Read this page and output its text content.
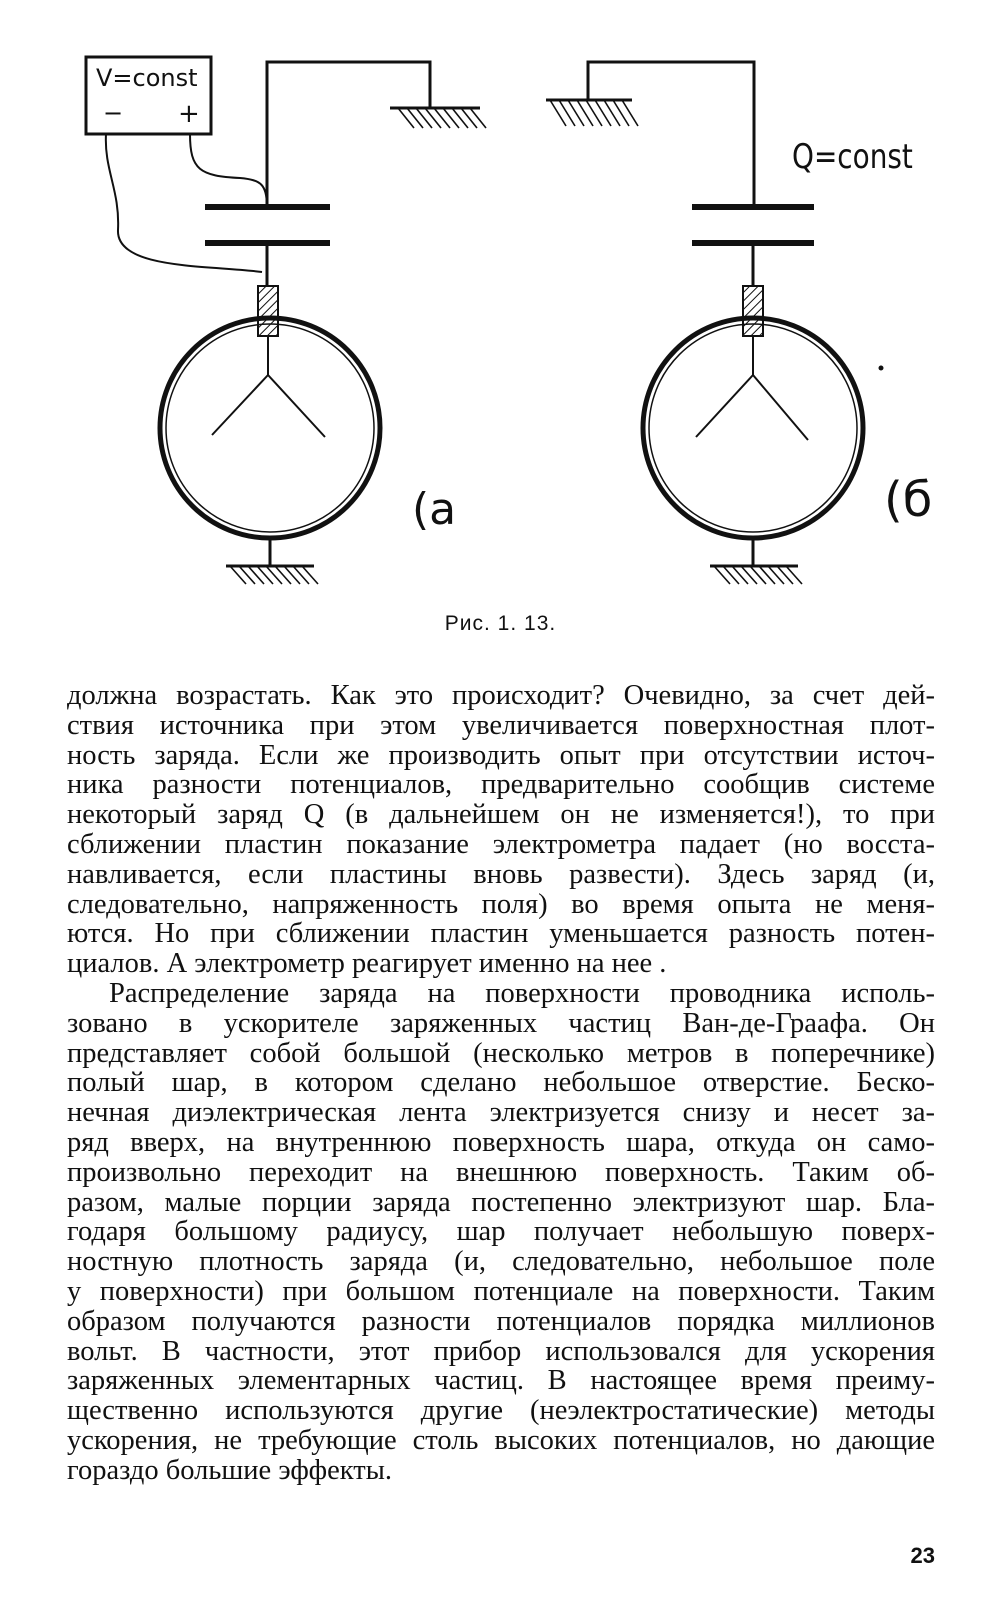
V=const
− +
Q=const
(a	(б
Рис. 1. 13.
должна возрастать. Как это происходит? Очевидно, за счет дей-
ствия источника при этом увеличивается поверхностная плот-
ность заряда. Если же производить опыт при отсутствии источ-
ника разности потенциалов, предварительно сообщив системе
некоторый заряд Q (в дальнейшем он не изменяется!), то при
сближении пластин показание электрометра падает (но восста-
навливается, если пластины вновь развести). Здесь заряд (и,
следовательно, напряженность поля) во время опыта не меня-
ются. Но при сближении пластин уменьшается разность потен-
циалов. А электрометр реагирует именно на нее .
Распределение заряда на поверхности проводника исполь-
зовано в ускорителе заряженных частиц Ван-де-Граафа. Он
представляет собой большой (несколько метров в поперечнике)
полый шар, в котором сделано небольшое отверстие. Беско-
нечная диэлектрическая лента электризуется снизу и несет за-
ряд вверх, на внутреннюю поверхность шара, откуда он само-
произвольно переходит на внешнюю поверхность. Таким об-
разом, малые порции заряда постепенно электризуют шар. Бла-
годаря большому радиусу, шар получает небольшую поверх-
ностную плотность заряда (и, следовательно, небольшое поле
у поверхности) при большом потенциале на поверхности. Таким
образом получаются разности потенциалов порядка миллионов
вольт. В частности, этот прибор использовался для ускорения
заряженных элементарных частиц. В настоящее время преиму-
щественно используются другие (неэлектростатические) методы
ускорения, не требующие столь высоких потенциалов, но дающие
гораздо большие эффекты.
23
